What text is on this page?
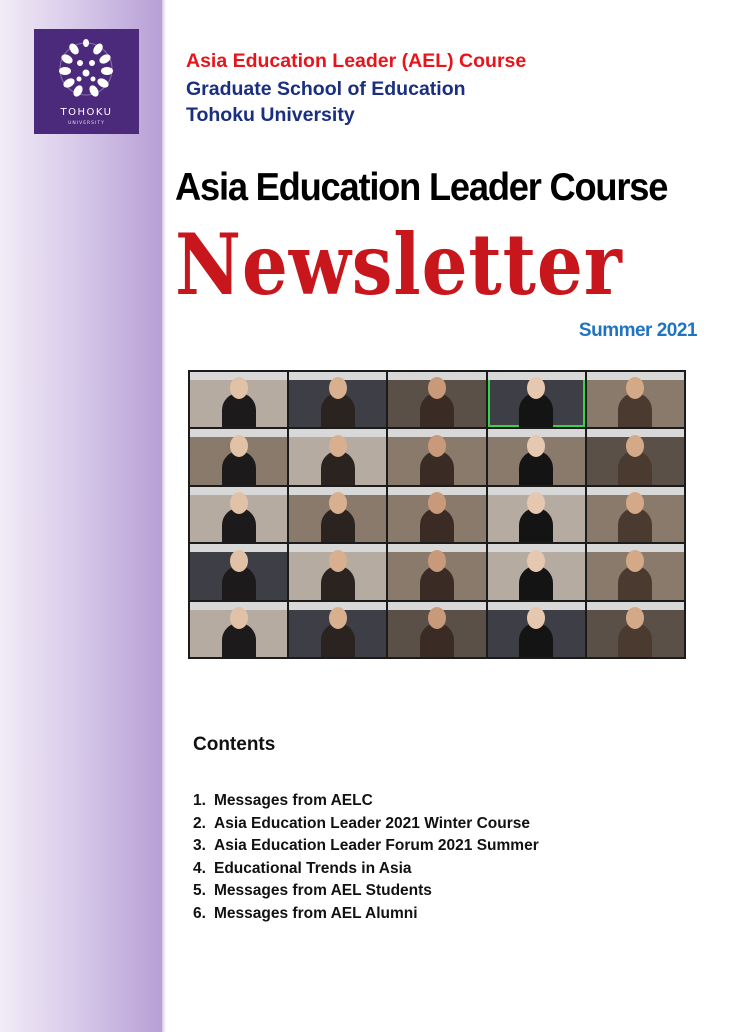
TOHOKU
UNIVERSITY
Asia Education Leader (AEL) Course
Graduate School of Education
Tohoku University
Asia Education Leader Course
Newsletter
Summer 2021
Contents
1. Messages from AELC
2. Asia Education Leader 2021 Winter Course
3. Asia Education Leader Forum 2021 Summer
4. Educational Trends in Asia
5. Messages from AEL Students
6. Messages from AEL Alumni
